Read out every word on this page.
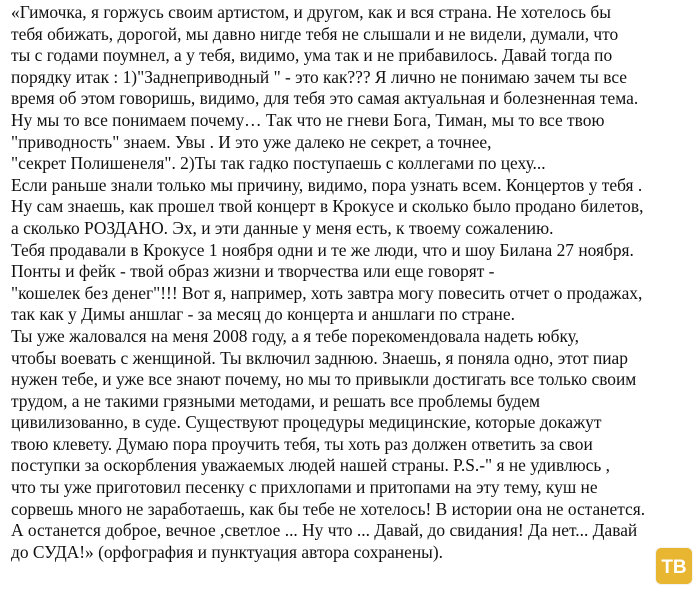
«Гимочка, я горжусь своим артистом, и другом, как и вся страна. Не хотелось бы
тебя обижать, дорогой, мы давно нигде тебя не слышали и не видели, думали, что
ты с годами поумнел, а у тебя, видимо, ума так и не прибавилось. Давай тогда по
порядку итак : 1)"Заднеприводный " - это как??? Я лично не понимаю зачем ты все
время об этом говоришь, видимо, для тебя это самая актуальная и болезненная тема.
Ну мы то все понимаем почему… Так что не гневи Бога, Тиман, мы то все твою
"приводность" знаем. Увы . И это уже далеко не секрет, а точнее,
"секрет Полишенеля". 2)Ты так гадко поступаешь с коллегами по цеху...
Если раньше знали только мы причину, видимо, пора узнать всем. Концертов у тебя .
Ну сам знаешь, как прошел твой концерт в Крокусе и сколько было продано билетов,
а сколько РОЗДАНО. Эх, и эти данные у меня есть, к твоему сожалению.
Тебя продавали в Крокусе 1 ноября одни и те же люди, что и шоу Билана 27 ноября.
Понты и фейк - твой образ жизни и творчества или еще говорят -
"кошелек без денег"!!! Вот я, например, хоть завтра могу повесить отчет о продажах,
так как у Димы аншлаг - за месяц до концерта и аншлаги по стране.
Ты уже жаловался на меня 2008 году, а я тебе порекомендовала надеть юбку,
чтобы воевать с женщиной. Ты включил заднюю. Знаешь, я поняла одно, этот пиар
нужен тебе, и уже все знают почему, но мы то привыкли достигать все только своим
трудом, а не такими грязными методами, и решать все проблемы будем
цивилизованно, в суде. Существуют процедуры медицинские, которые докажут
твою клевету. Думаю пора проучить тебя, ты хоть раз должен ответить за свои
поступки за оскорбления уважаемых людей нашей страны. P.S.-" я не удивлюсь ,
что ты уже приготовил песенку с прихлопами и притопами на эту тему, куш не
сорвешь много не заработаешь, как бы тебе не хотелось! В истории она не останется.
А останется доброе, вечное ,светлое ... Ну что ... Давай, до свидания! Да нет... Давай
до СУДА!» (орфография и пунктуация автора сохранены).
TB
